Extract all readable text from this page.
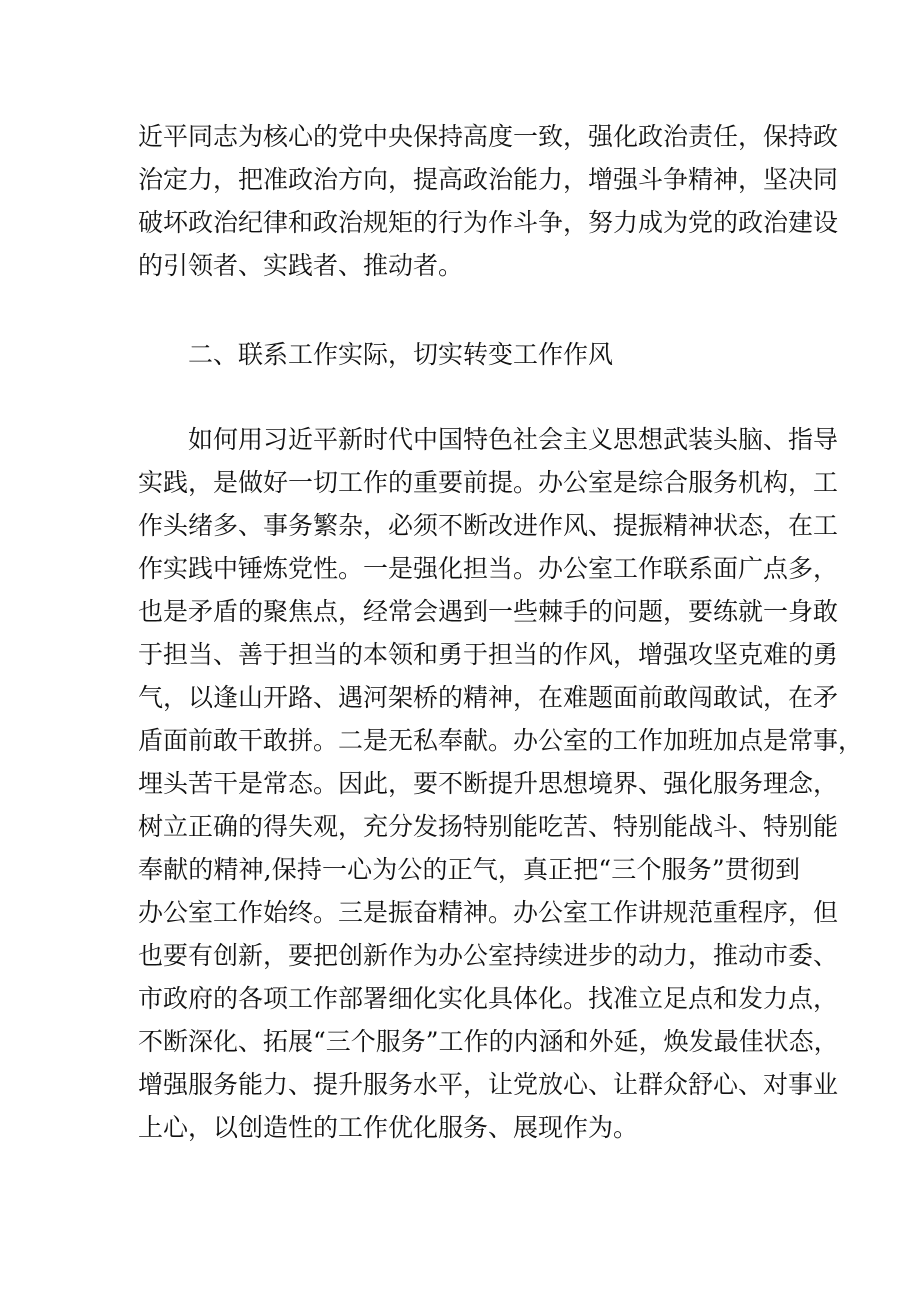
近平同志为核心的党中央保持高度一致，强化政治责任，保持政
治定力，把准政治方向，提高政治能力，增强斗争精神，坚决同
破坏政治纪律和政治规矩的行为作斗争，努力成为党的政治建设
的引领者、实践者、推动者。
二、联系工作实际，切实转变工作作风
如何用习近平新时代中国特色社会主义思想武装头脑、指导
实践，是做好一切工作的重要前提。办公室是综合服务机构，工
作头绪多、事务繁杂，必须不断改进作风、提振精神状态，在工
作实践中锤炼党性。一是强化担当。办公室工作联系面广点多，
也是矛盾的聚焦点，经常会遇到一些棘手的问题，要练就一身敢
于担当、善于担当的本领和勇于担当的作风，增强攻坚克难的勇
气，以逢山开路、遇河架桥的精神，在难题面前敢闯敢试，在矛
盾面前敢干敢拼。二是无私奉献。办公室的工作加班加点是常事，
埋头苦干是常态。因此，要不断提升思想境界、强化服务理念，
树立正确的得失观，充分发扬特别能吃苦、特别能战斗、特别能
奉献的精神,保持一心为公的正气，真正把“三个服务”贯彻到
办公室工作始终。三是振奋精神。办公室工作讲规范重程序，但
也要有创新，要把创新作为办公室持续进步的动力，推动市委、
市政府的各项工作部署细化实化具体化。找准立足点和发力点，
不断深化、拓展“三个服务”工作的内涵和外延，焕发最佳状态，
增强服务能力、提升服务水平，让党放心、让群众舒心、对事业
上心，以创造性的工作优化服务、展现作为。
